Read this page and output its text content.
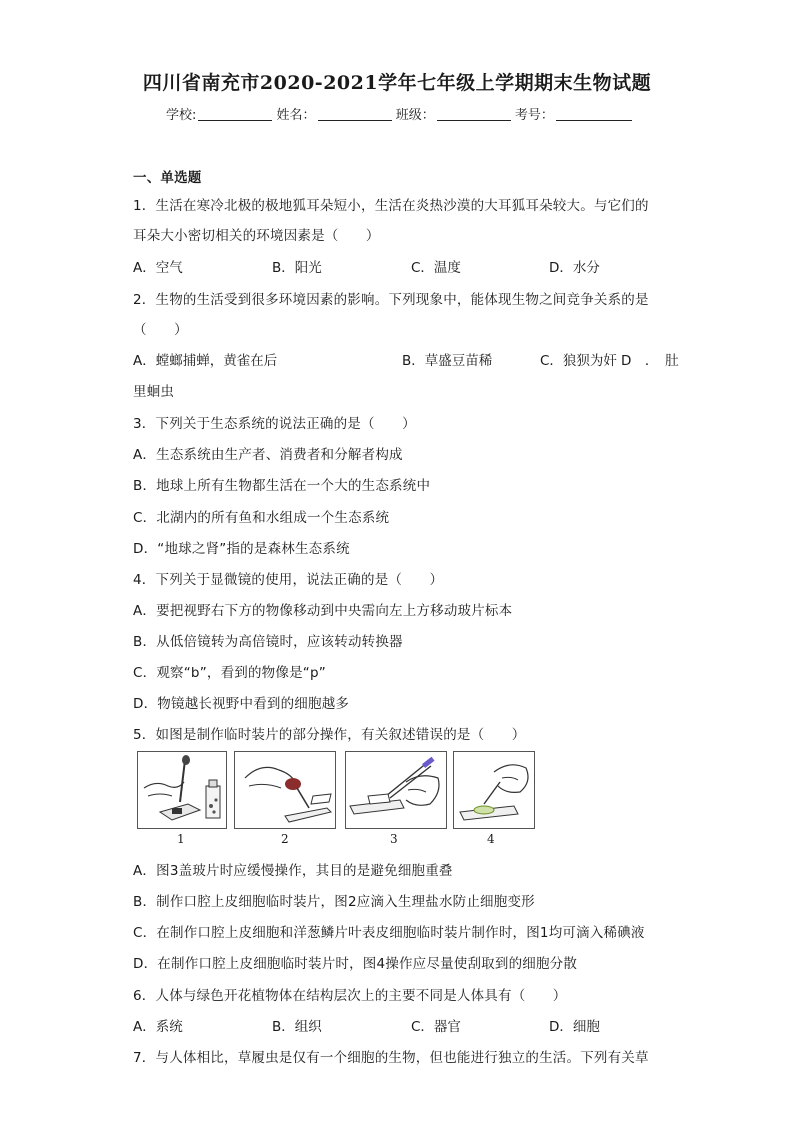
四川省南充市2020-2021学年七年级上学期期末生物试题
学校:	姓名：	班级：	考号：
一、单选题
1．生活在寒冷北极的极地狐耳朵短小，生活在炎热沙漠的大耳狐耳朵较大。与它们的
耳朵大小密切相关的环境因素是（　　）
A．空气	B．阳光	C．温度	D．水分
2．生物的生活受到很多环境因素的影响。下列现象中，能体现生物之间竞争关系的是
（　　）
A．螳螂捕蝉，黄雀在后	B．草盛豆苗稀	C．狼狈为奸 D　．　肚
里蛔虫
3．下列关于生态系统的说法正确的是（　　）
A．生态系统由生产者、消费者和分解者构成
B．地球上所有生物都生活在一个大的生态系统中
C．北湖内的所有鱼和水组成一个生态系统
D．“地球之肾”指的是森林生态系统
4．下列关于显微镜的使用，说法正确的是（　　）
A．要把视野右下方的物像移动到中央需向左上方移动玻片标本
B．从低倍镜转为高倍镜时，应该转动转换器
C．观察“b”，看到的物像是“p”
D．物镜越长视野中看到的细胞越多
5．如图是制作临时装片的部分操作，有关叙述错误的是（　　）
1	2	3	4
A．图3盖玻片时应缓慢操作，其目的是避免细胞重叠
B．制作口腔上皮细胞临时装片，图2应滴入生理盐水防止细胞变形
C．在制作口腔上皮细胞和洋葱鳞片叶表皮细胞临时装片制作时，图1均可滴入稀碘液
D．在制作口腔上皮细胞临时装片时，图4操作应尽量使刮取到的细胞分散
6．人体与绿色开花植物体在结构层次上的主要不同是人体具有（　　）
A．系统	B．组织	C．器官	D．细胞
7．与人体相比，草履虫是仅有一个细胞的生物，但也能进行独立的生活。下列有关草
